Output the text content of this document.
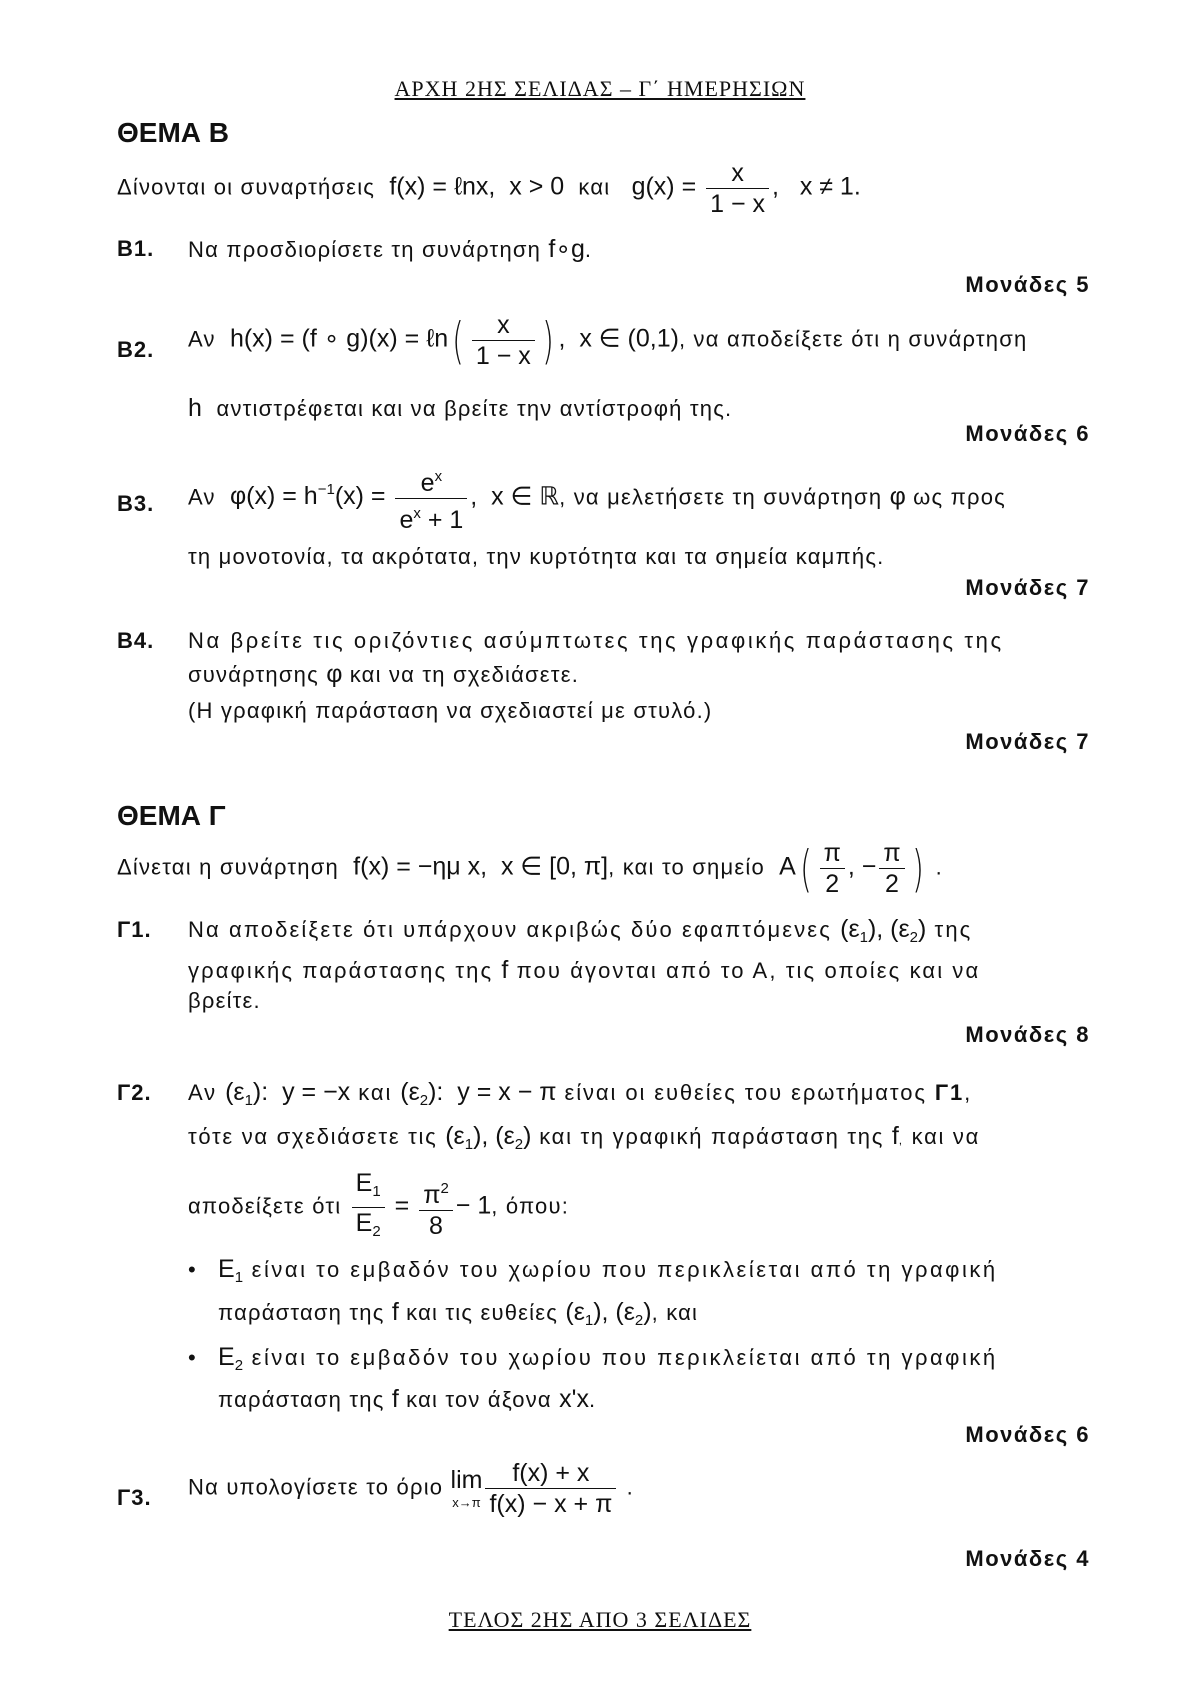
ΑΡΧΗ 2ΗΣ ΣΕΛΙΔΑΣ – Γ΄ ΗΜΕΡΗΣΙΩΝ
ΘΕΜΑ Β
Δίνονται οι συναρτήσεις  f(x) = ℓnx,  x > 0  και   $g(x) = \frac{x}{1 - x}$ ,   x ≠ 1.
Β1. Να προσδιορίσετε τη συνάρτηση f∘g.
Μονάδες 5
Β2. Αν  h(x) = (f ∘ g)(x) = ℓn( $\frac{x}{1 - x}$ ) ,  x ∈ (0,1), να αποδείξετε ότι η συνάρτηση
h αντιστρέφεται και να βρείτε την αντίστροφή της.
Μονάδες 6
Β3. Αν  $\varphi(x) = h^{-1}(x) = \frac{e^x}{e^x + 1}$ ,  x ∈ ℝ, να μελετήσετε τη συνάρτηση φ ως προς
τη μονοτονία, τα ακρότατα, την κυρτότητα και τα σημεία καμπής.
Μονάδες 7
Β4. Να βρείτε τις οριζόντιες ασύμπτωτες της γραφικής παράστασης της
συνάρτησης φ και να τη σχεδιάσετε.
(Η γραφική παράσταση να σχεδιαστεί με στυλό.)
Μονάδες 7
ΘΕΜΑ Γ
Δίνεται η συνάρτηση  f(x) = −ημ x,  x ∈ [0, π], και το σημείο  $A( \frac{\pi}{2}$ , − $\frac{\pi}{2}$ ) .
Γ1. Να αποδείξετε ότι υπάρχουν ακριβώς δύο εφαπτόμενες $(\varepsilon_1)$, $(\varepsilon_2)$ της
γραφικής παράστασης της f που άγονται από το Α, τις οποίες και να
βρείτε.
Μονάδες 8
Γ2. Αν $(\varepsilon_1)$:  y = −x και $(\varepsilon_2)$:  y = x − π είναι οι ευθείες του ερωτήματος Γ1,
τότε να σχεδιάσετε τις $(\varepsilon_1)$, $(\varepsilon_2)$ και τη γραφική παράσταση της f, και να
αποδείξετε ότι $\frac{E_1}{E_2} = \frac{\pi^2}{8} - 1$, όπου:
• $E_1$ είναι το εμβαδόν του χωρίου που περικλείεται από τη γραφική
παράσταση της f και τις ευθείες $(\varepsilon_1)$, $(\varepsilon_2)$, και
• $E_2$ είναι το εμβαδόν του χωρίου που περικλείεται από τη γραφική
παράσταση της f και τον άξονα x'x.
Μονάδες 6
Γ3. Να υπολογίσετε το όριο lim
$x\to\pi \frac{f(x) + x}{f(x) - x + \pi}$ .
Μονάδες 4
ΤΕΛΟΣ 2ΗΣ ΑΠΟ 3 ΣΕΛΙΔΕΣ
